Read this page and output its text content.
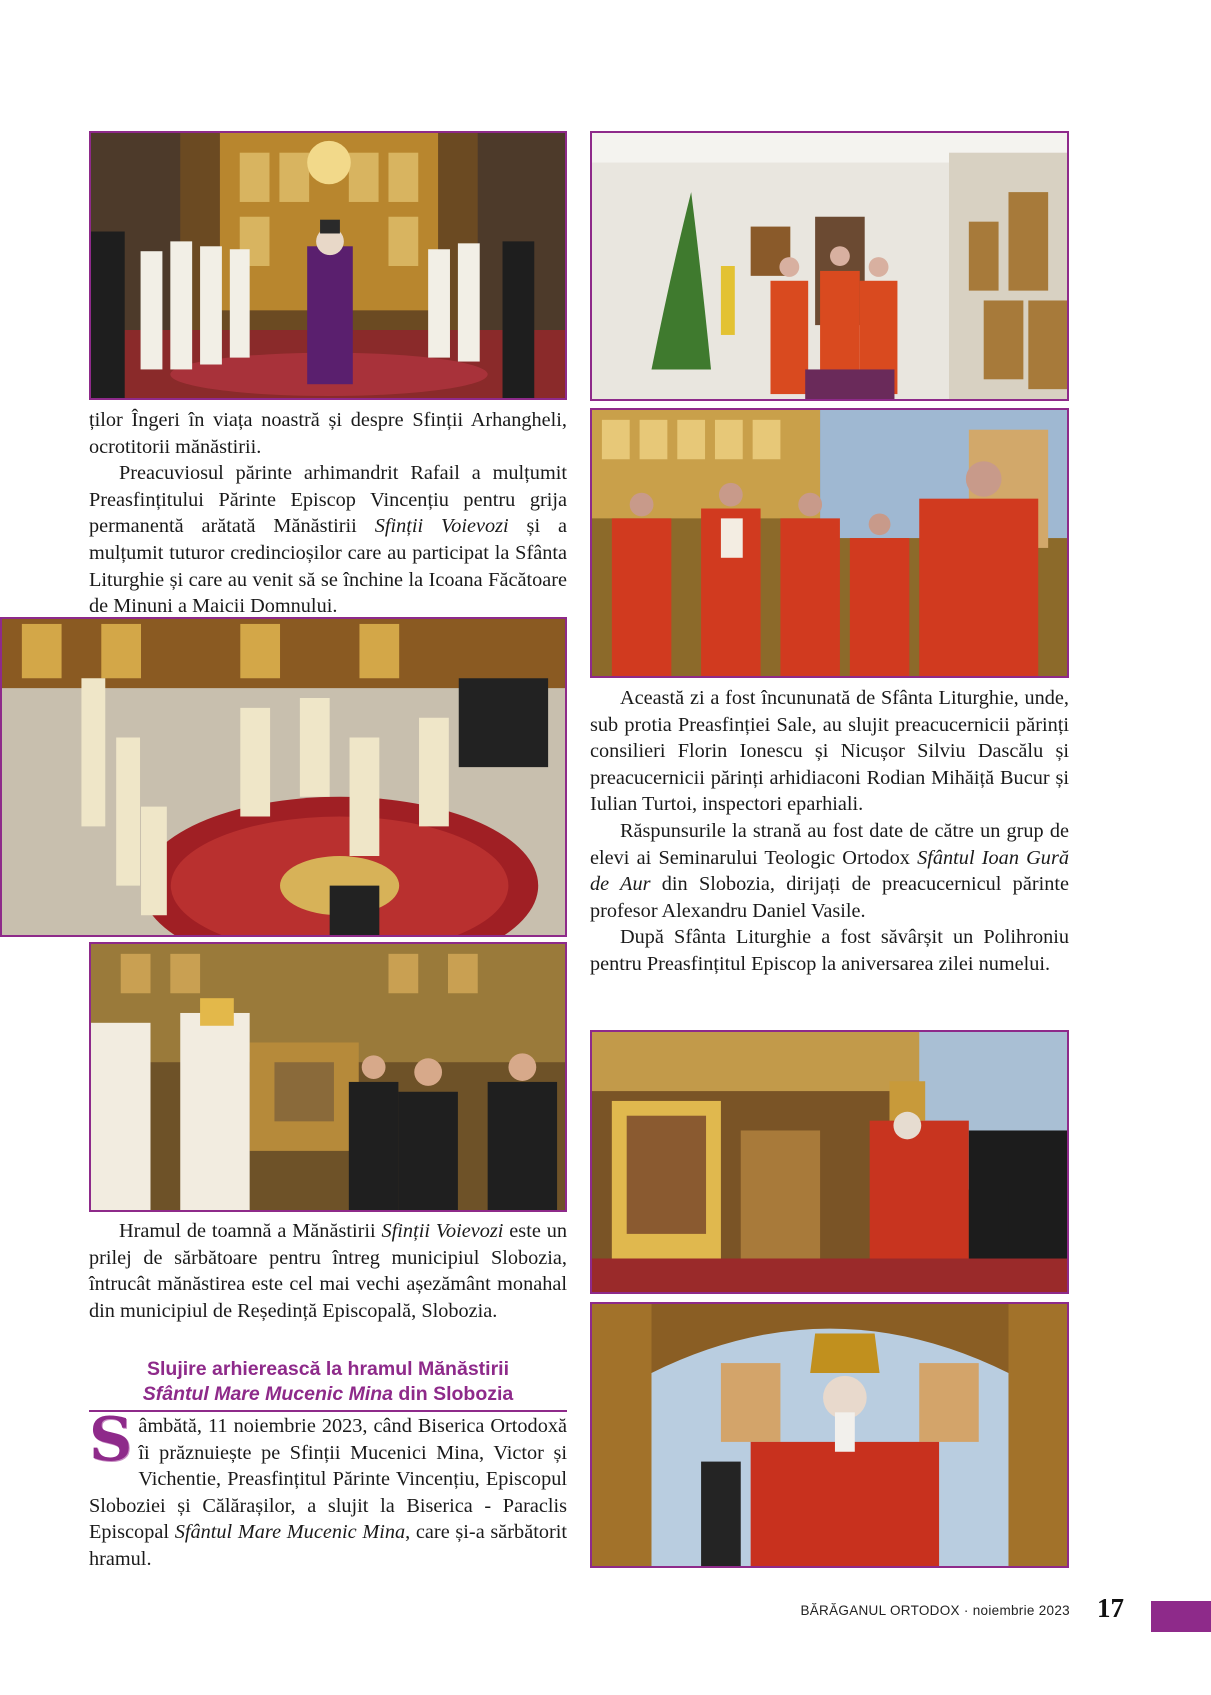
ților Îngeri în viața noastră și despre Sfinții Arhangheli, ocrotitorii mănăstirii.

Preacuviosul părinte arhimandrit Rafail a mulțumit Preasfințitului Părinte Episcop Vincențiu pentru grija permanentă arătată Mănăstirii Sfinții Voievozi și a mulțumit tuturor credincioșilor care au participat la Sfânta Liturghie și care au venit să se închine la Icoana Făcătoare de Minuni a Maicii Domnului.

Hramul de toamnă a Mănăstirii Sfinții Voievozi este un prilej de sărbătoare pentru întreg municipiul Slobozia, întrucât mănăstirea este cel mai vechi așezământ monahal din municipiul de Reședință Episcopală, Slobozia.

Slujire arhierească la hramul Mănăstirii
Sfântul Mare Mucenic Mina din Slobozia

Sâmbătă, 11 noiembrie 2023, când Biserica Ortodoxă îi prăznuiește pe Sfinții Mucenici Mina, Victor și Vichentie, Preasfințitul Părinte Vincențiu, Episcopul Sloboziei și Călărașilor, a slujit la Biserica - Paraclis Episcopal Sfântul Mare Mucenic Mina, care și-a sărbătorit hramul.

Această zi a fost încununată de Sfânta Liturghie, unde, sub protia Preasfinției Sale, au slujit preacucernicii părinți consilieri Florin Ionescu și Nicușor Silviu Dascălu și preacucernicii părinți arhidiaconi Rodian Mihăiță Bucur și Iulian Turtoi, inspectori eparhiali.

Răspunsurile la strană au fost date de către un grup de elevi ai Seminarului Teologic Ortodox Sfântul Ioan Gură de Aur din Slobozia, dirijați de preacucernicul părinte profesor Alexandru Daniel Vasile.

După Sfânta Liturghie a fost săvârșit un Polihroniu pentru Preasfințitul Episcop la aniversarea zilei numelui.

BĂRĂGANUL ORTODOX · noiembrie 2023 17
